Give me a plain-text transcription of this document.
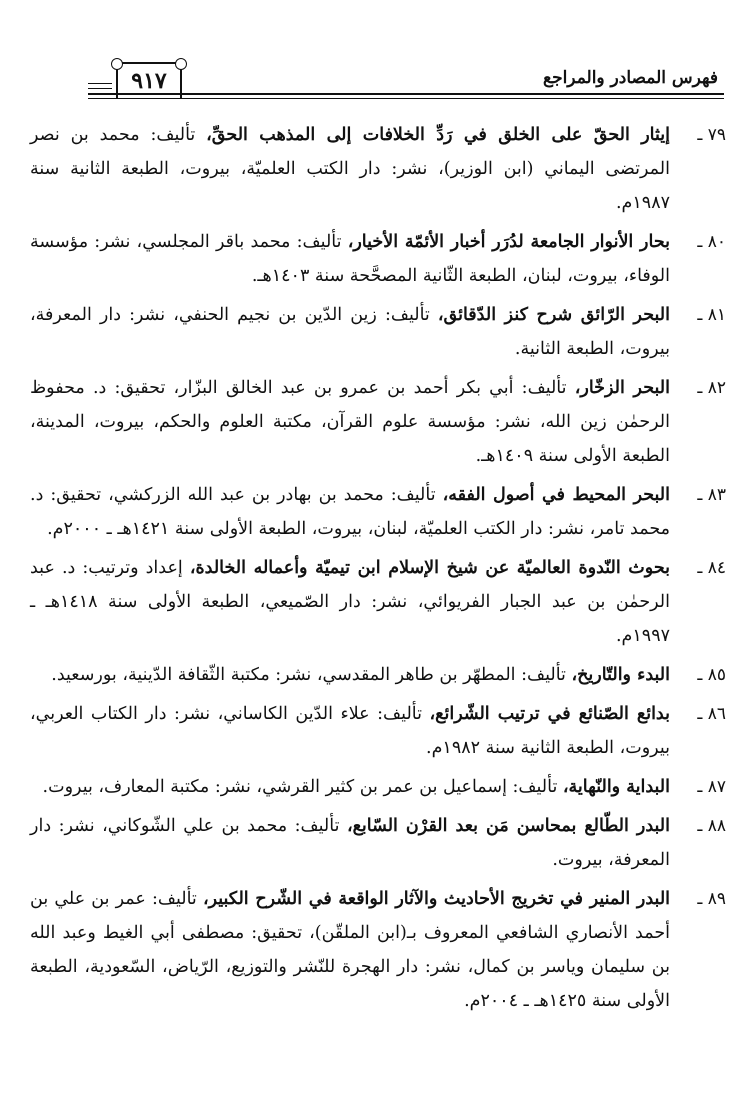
٩١٧	فهرس المصادر والمراجع
٧٩ ـ
إيثار الحقّ على الخلق في رَدِّ الخلافات إلى المذهب الحقِّ، تأليف: محمد بن نصر المرتضى اليماني (ابن الوزير)، نشر: دار الكتب العلميّة، بيروت، الطبعة الثانية سنة ١٩٨٧م.
٨٠ ـ
بحار الأنوار الجامعة لدُرَر أخبار الأئمّة الأخيار، تأليف: محمد باقر المجلسي، نشر: مؤسسة الوفاء، بيروت، لبنان، الطبعة الثّانية المصحَّحة سنة ١٤٠٣هـ.
٨١ ـ
البحر الرّائق شرح كنز الدّقائق، تأليف: زين الدّين بن نجيم الحنفي، نشر: دار المعرفة، بيروت، الطبعة الثانية.
٨٢ ـ
البحر الزخّار، تأليف: أبي بكر أحمد بن عمرو بن عبد الخالق البزّار، تحقيق: د. محفوظ الرحمٰن زين الله، نشر: مؤسسة علوم القرآن، مكتبة العلوم والحكم، بيروت، المدينة، الطبعة الأولى سنة ١٤٠٩هـ.
٨٣ ـ
البحر المحيط في أصول الفقه، تأليف: محمد بن بهادر بن عبد الله الزركشي، تحقيق: د. محمد تامر، نشر: دار الكتب العلميّة، لبنان، بيروت، الطبعة الأولى سنة ١٤٢١هـ ـ ٢٠٠٠م.
٨٤ ـ
بحوث النّدوة العالميّة عن شيخ الإسلام ابن تيميّة وأعماله الخالدة، إعداد وترتيب: د. عبد الرحمٰن بن عبد الجبار الفريوائي، نشر: دار الصّميعي، الطبعة الأولى سنة ١٤١٨هـ ـ ١٩٩٧م.
٨٥ ـ
البدء والتّاريخ، تأليف: المطهّر بن طاهر المقدسي، نشر: مكتبة الثّقافة الدّينية، بورسعيد.
٨٦ ـ
بدائع الصّنائع في ترتيب الشّرائع، تأليف: علاء الدّين الكاساني، نشر: دار الكتاب العربي، بيروت، الطبعة الثانية سنة ١٩٨٢م.
٨٧ ـ
البداية والنّهاية، تأليف: إسماعيل بن عمر بن كثير القرشي، نشر: مكتبة المعارف، بيروت.
٨٨ ـ
البدر الطّالع بمحاسن مَن بعد القرْن السّابع، تأليف: محمد بن علي الشّوكاني، نشر: دار المعرفة، بيروت.
٨٩ ـ
البدر المنير في تخريج الأحاديث والآثار الواقعة في الشّرح الكبير، تأليف: عمر بن علي بن أحمد الأنصاري الشافعي المعروف بـ(ابن الملقّن)، تحقيق: مصطفى أبي الغيط وعبد الله بن سليمان وياسر بن كمال، نشر: دار الهجرة للنّشر والتوزيع، الرّياض، السّعودية، الطبعة الأولى سنة ١٤٢٥هـ ـ ٢٠٠٤م.
